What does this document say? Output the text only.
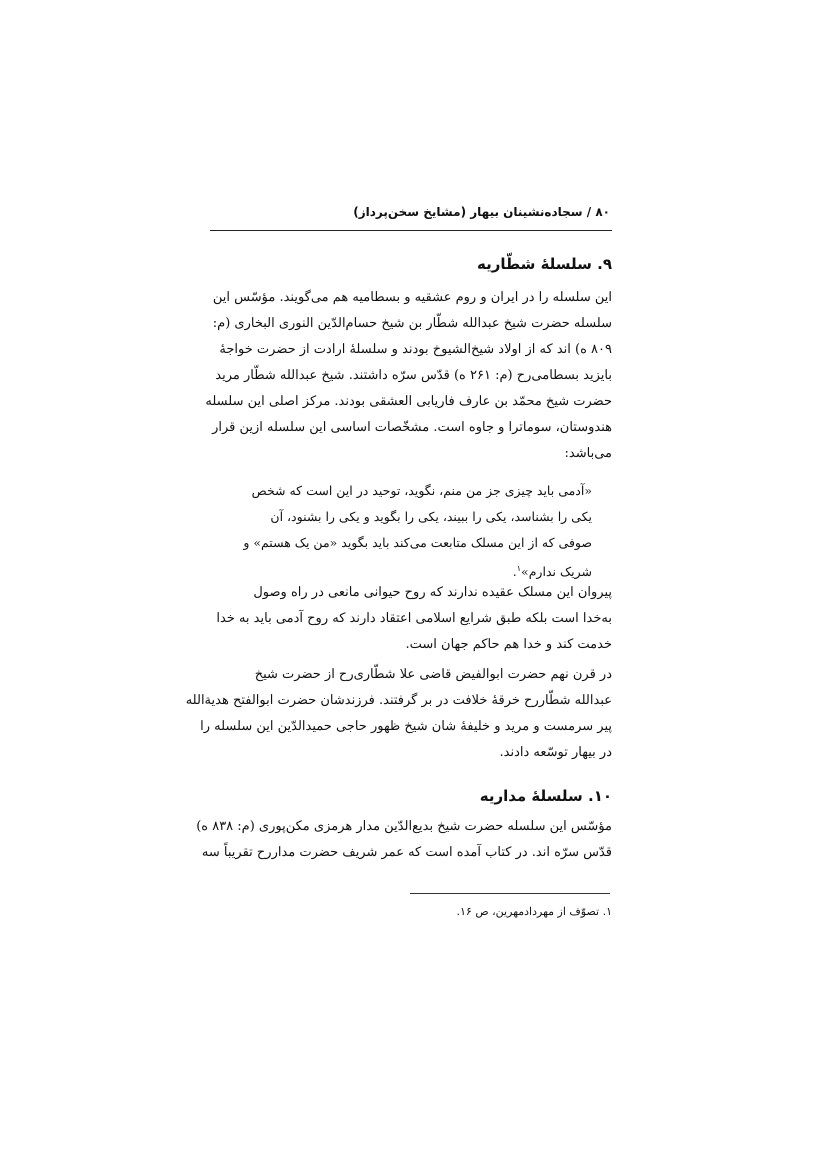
۸۰ / سجاده‌نشینان بیهار (مشایخ سخن‌پرداز)
۹. سلسلۀ شطّاریه
این سلسله را در ایران و روم عشقیه و بسطامیه هم می‌گویند. مؤسّس این
سلسله حضرت شیخ عبدالله شطّار بن شیخ حسام‌الدّین النوری البخاری (م:
۸۰۹ ه) اند که از اولاد شیخ‌الشیوخ بودند و سلسلهٔ ارادت از حضرت خواجهٔ
بایزید بسطامی‌رح (م: ۲۶۱ ه) قدّس سرّه داشتند. شیخ عبدالله شطّار مرید
حضرت شیخ محمّد بن عارف فاریابی العشقی بودند. مرکز اصلی این سلسله
هندوستان، سوماترا و جاوه است. مشخّصات اساسی این سلسله ازین قرار
می‌باشد:
«آدمی باید چیزی جز من منم، نگوید، توحید در این است که شخص
یکی را بشناسد، یکی را ببیند، یکی را بگوید و یکی را بشنود، آن
صوفی که از این مسلک متابعت می‌کند باید بگوید «من یک هستم» و
شریک ندارم»$^۱$.
پیروان این مسلک عقیده ندارند که روح حیوانی مانعی در راه وصول
به‌خدا است بلکه طبق شرایع اسلامی اعتقاد دارند که روح آدمی باید به خدا
خدمت کند و خدا هم حاکم جهان است.
در قرن نهم حضرت ابوالفیض قاضی علا شطّاری‌رح از حضرت شیخ
عبدالله شطّار‌رح خرقهٔ خلافت در بر گرفتند. فرزندشان حضرت ابوالفتح هدیةالله
پیر سرمست و مرید و خلیفهٔ شان شیخ ظهور حاجی حمیدالدّین این سلسله را
در بیهار توسّعه دادند.
۱۰. سلسلۀ مداریه
مؤسّس این سلسله حضرت شیخ بدیع‌الدّین مدار هرمزی مکن‌پوری (م: ۸۳۸ ه)
قدّس سرّه اند. در کتاب آمده است که عمر شریف حضرت مدار‌رح تقریباً سه
۱. تصوّف از مهردادمهرین، ص ۱۶.
